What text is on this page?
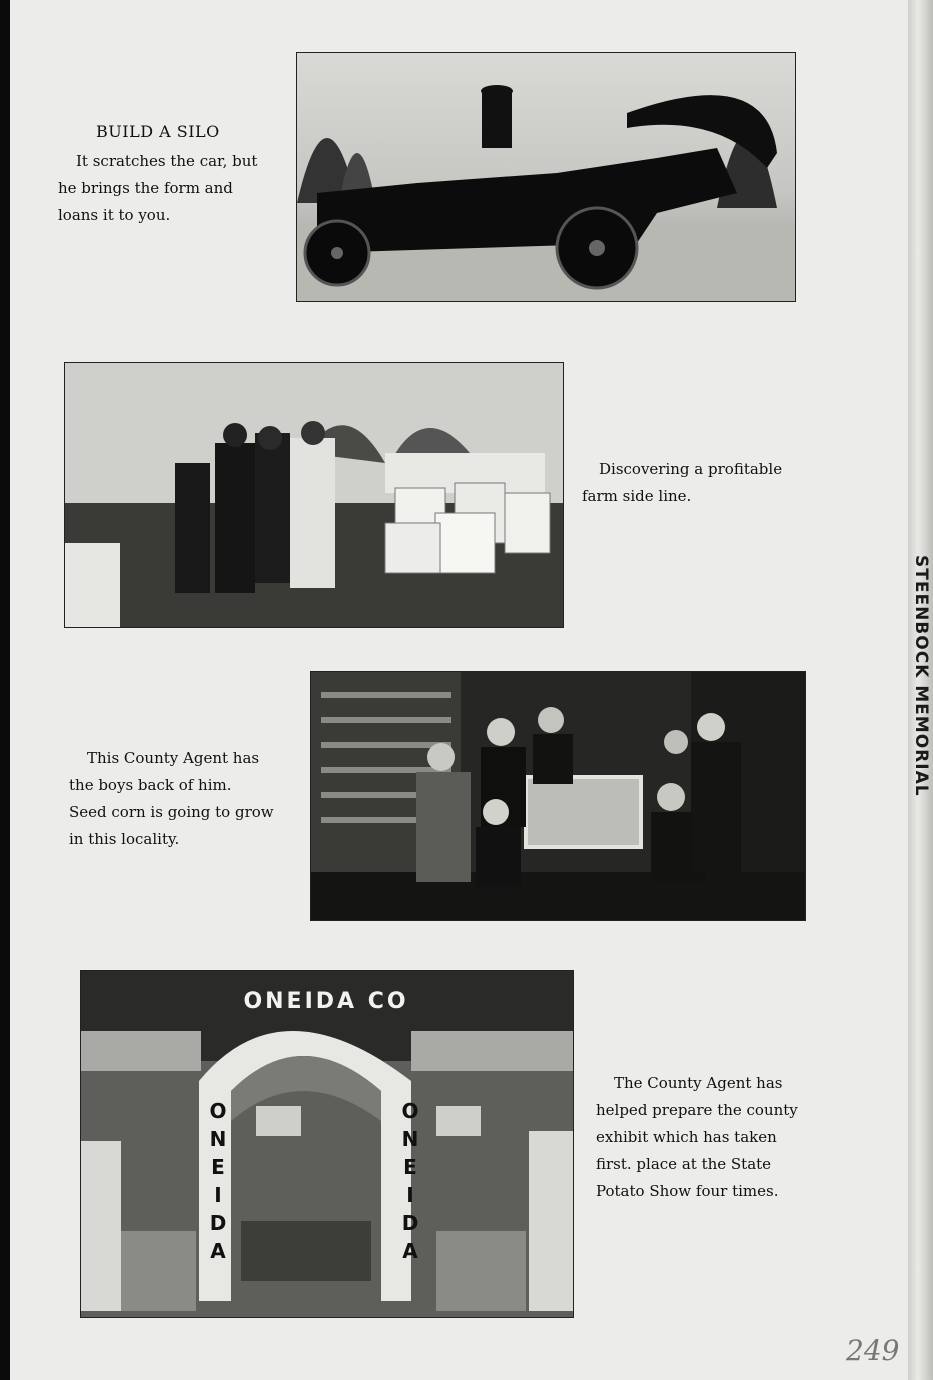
STEENBOCK MEMORIAL
BUILD A SILO
It scratches the car, but
he brings the form and
loans it to you.
Discovering a profitable
farm side line.
This County Agent has
the boys back of him.
Seed corn is going to grow
in this locality.
ONEIDA CO
ONEIDA	ONEIDA
The County Agent has
helped prepare the county
exhibit which has taken
first. place at the State
Potato Show four times.
249
